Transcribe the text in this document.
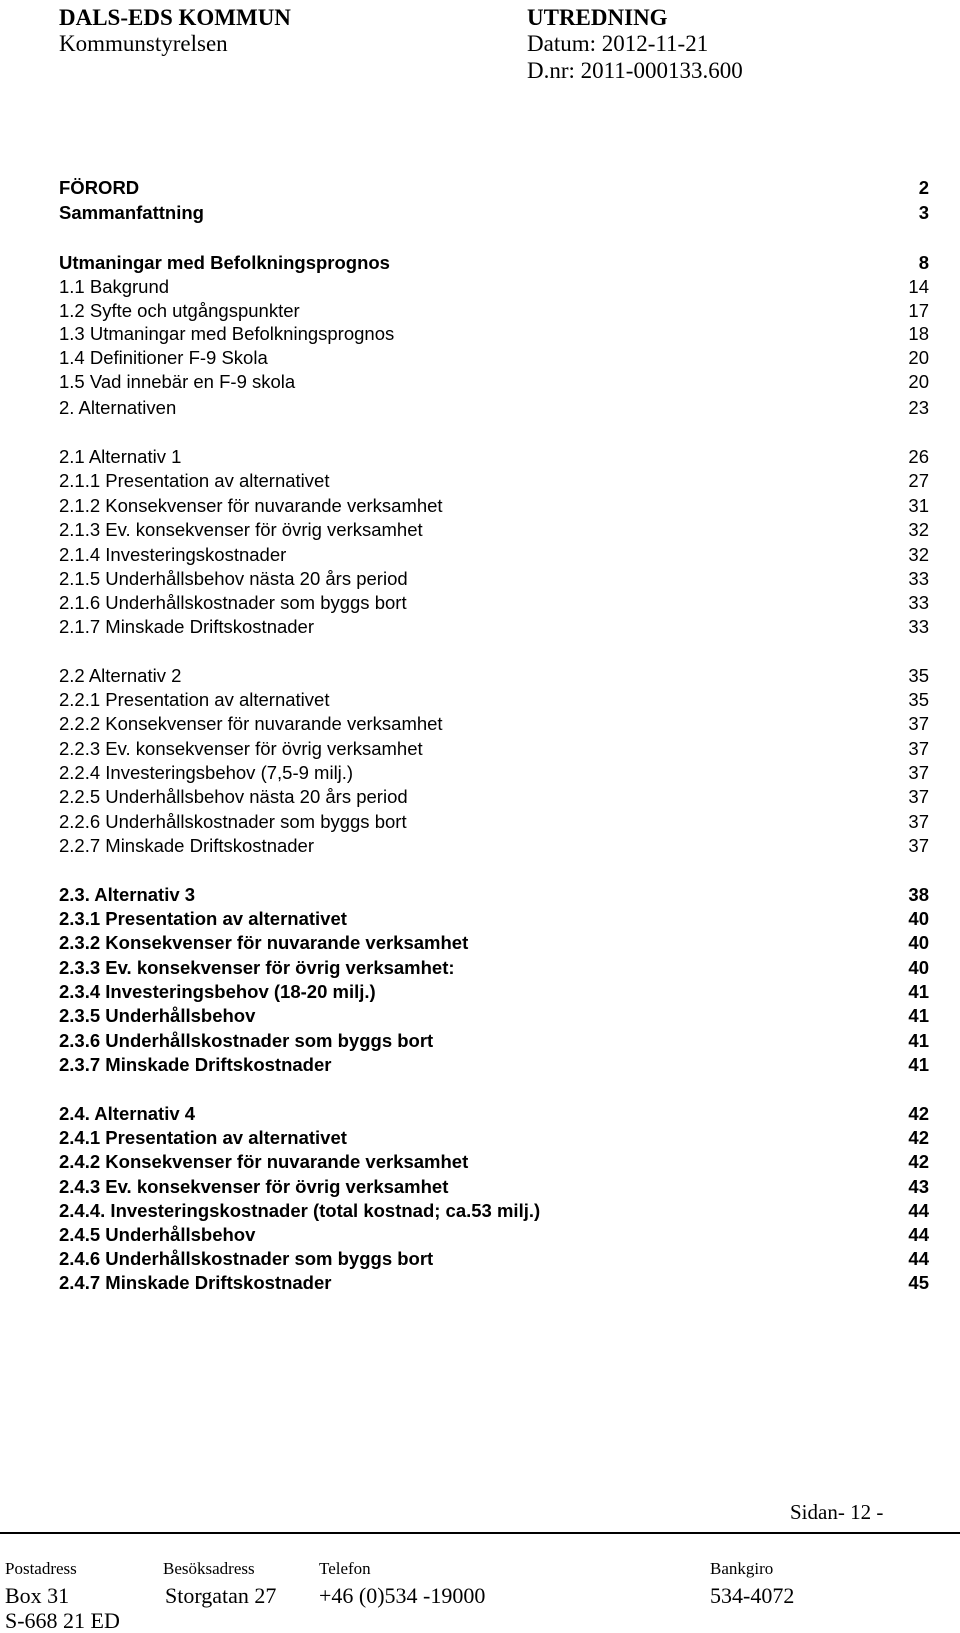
DALS-EDS KOMMUN
Kommunstyrelsen
UTREDNING
Datum: 2012-11-21
D.nr: 2011-000133.600
FÖRORD	2
Sammanfattning	3
Utmaningar med Befolkningsprognos	8
1.1 Bakgrund	14
1.2 Syfte och utgångspunkter	17
1.3 Utmaningar med Befolkningsprognos	18
1.4 Definitioner F-9 Skola	20
1.5 Vad innebär en F-9 skola	20
2. Alternativen	23
2.1 Alternativ 1	26
2.1.1 Presentation av alternativet	27
2.1.2 Konsekvenser för nuvarande verksamhet	31
2.1.3 Ev. konsekvenser för övrig verksamhet	32
2.1.4 Investeringskostnader	32
2.1.5 Underhållsbehov nästa 20 års period	33
2.1.6 Underhållskostnader som byggs bort	33
2.1.7 Minskade Driftskostnader	33
2.2 Alternativ 2	35
2.2.1 Presentation av alternativet	35
2.2.2 Konsekvenser för nuvarande verksamhet	37
2.2.3 Ev. konsekvenser för övrig verksamhet	37
2.2.4 Investeringsbehov (7,5-9 milj.)	37
2.2.5 Underhållsbehov nästa 20 års period	37
2.2.6 Underhållskostnader som byggs bort	37
2.2.7 Minskade Driftskostnader	37
2.3. Alternativ 3	38
2.3.1 Presentation av alternativet	40
2.3.2 Konsekvenser för nuvarande verksamhet	40
2.3.3 Ev. konsekvenser för övrig verksamhet:	40
2.3.4 Investeringsbehov (18-20 milj.)	41
2.3.5 Underhållsbehov	41
2.3.6 Underhållskostnader som byggs bort	41
2.3.7 Minskade Driftskostnader	41
2.4. Alternativ 4	42
2.4.1 Presentation av alternativet	42
2.4.2 Konsekvenser för nuvarande verksamhet	42
2.4.3 Ev. konsekvenser för övrig verksamhet	43
2.4.4. Investeringskostnader (total kostnad; ca.53 milj.)	44
2.4.5 Underhållsbehov	44
2.4.6 Underhållskostnader som byggs bort	44
2.4.7 Minskade Driftskostnader	45
Sidan- 12 -
Postadress	Besöksadress	Telefon	Bankgiro
Box 31	Storgatan 27 +46 (0)534 -19000	534-4072
S-668 21 ED
